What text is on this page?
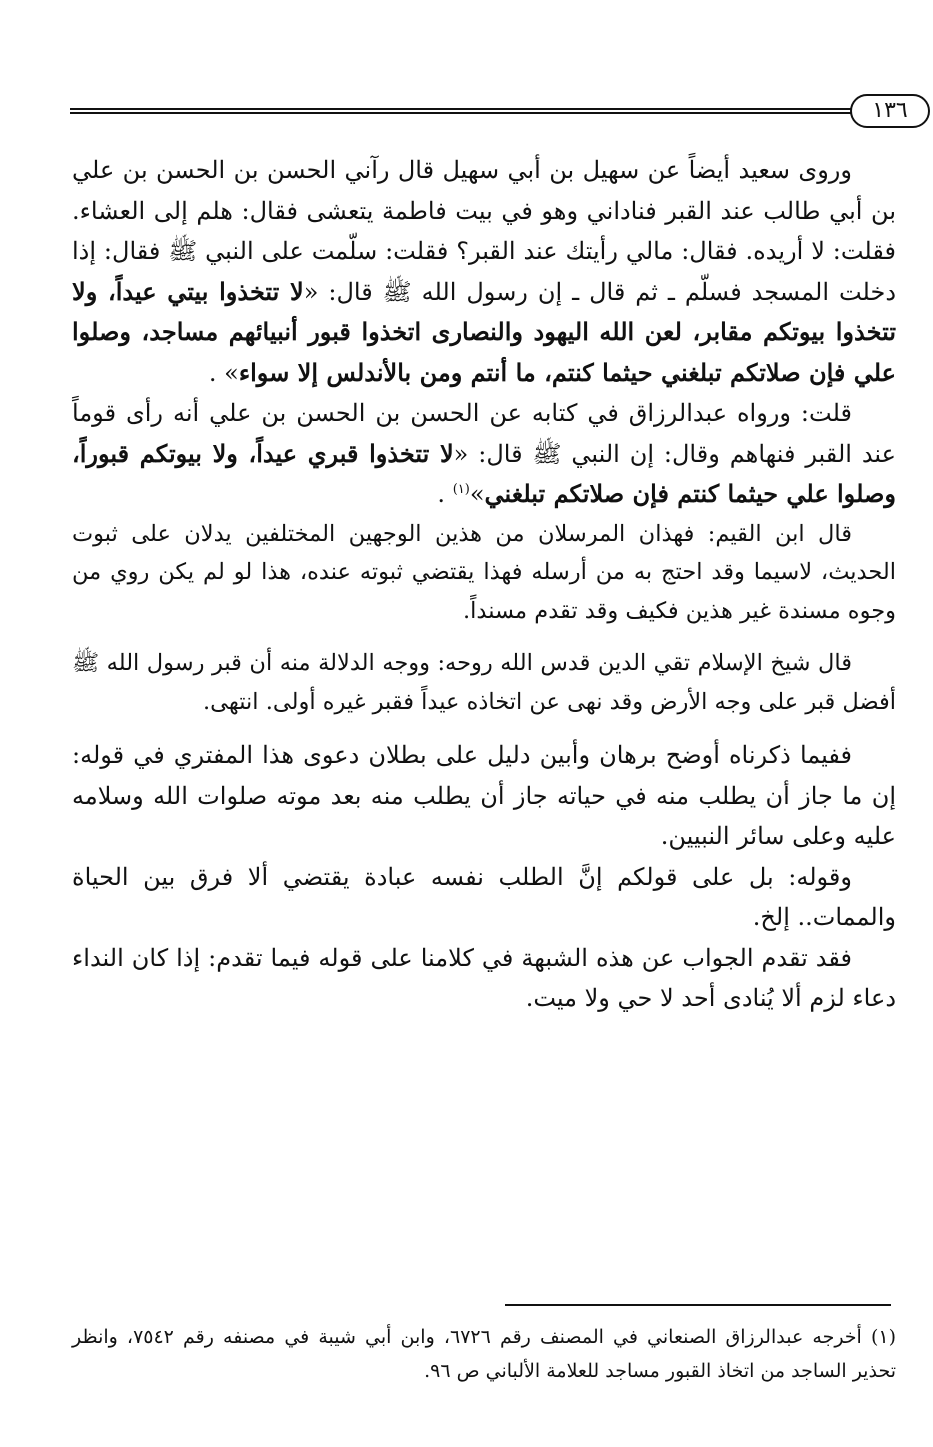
١٣٦

وروى سعيد أيضاً عن سهيل بن أبي سهيل قال رآني الحسن بن الحسن بن علي بن أبي طالب عند القبر فناداني وهو في بيت فاطمة يتعشى فقال: هلم إلى العشاء. فقلت: لا أريده. فقال: مالي رأيتك عند القبر؟ فقلت: سلّمت على النبي ﷺ فقال: إذا دخلت المسجد فسلّم ـ ثم قال ـ إن رسول الله ﷺ قال: «لا تتخذوا بيتي عيداً، ولا تتخذوا بيوتكم مقابر، لعن الله اليهود والنصارى اتخذوا قبور أنبيائهم مساجد، وصلوا علي فإن صلاتكم تبلغني حيثما كنتم، ما أنتم ومن بالأندلس إلا سواء» .

قلت: ورواه عبدالرزاق في كتابه عن الحسن بن الحسن بن علي أنه رأى قوماً عند القبر فنهاهم وقال: إن النبي ﷺ قال: «لا تتخذوا قبري عيداً، ولا بيوتكم قبوراً، وصلوا علي حيثما كنتم فإن صلاتكم تبلغني»$^{(١)}$ .

قال ابن القيم: فهذان المرسلان من هذين الوجهين المختلفين يدلان على ثبوت الحديث، لاسيما وقد احتج به من أرسله فهذا يقتضي ثبوته عنده، هذا لو لم يكن روي من وجوه مسندة غير هذين فكيف وقد تقدم مسنداً.

قال شيخ الإسلام تقي الدين قدس الله روحه: ووجه الدلالة منه أن قبر رسول الله ﷺ أفضل قبر على وجه الأرض وقد نهى عن اتخاذه عيداً فقبر غيره أولى. انتهى.

ففيما ذكرناه أوضح برهان وأبين دليل على بطلان دعوى هذا المفتري في قوله: إن ما جاز أن يطلب منه في حياته جاز أن يطلب منه بعد موته صلوات الله وسلامه عليه وعلى سائر النبيين.

وقوله: بل على قولكم إنَّ الطلب نفسه عبادة يقتضي ألا فرق بين الحياة والممات.. إلخ.

فقد تقدم الجواب عن هذه الشبهة في كلامنا على قوله فيما تقدم: إذا كان النداء دعاء لزم ألا يُنادى أحد لا حي ولا ميت.

(١) أخرجه عبدالرزاق الصنعاني في المصنف رقم ٦٧٢٦، وابن أبي شيبة في مصنفه رقم ٧٥٤٢، وانظر تحذير الساجد من اتخاذ القبور مساجد للعلامة الألباني ص ٩٦.
